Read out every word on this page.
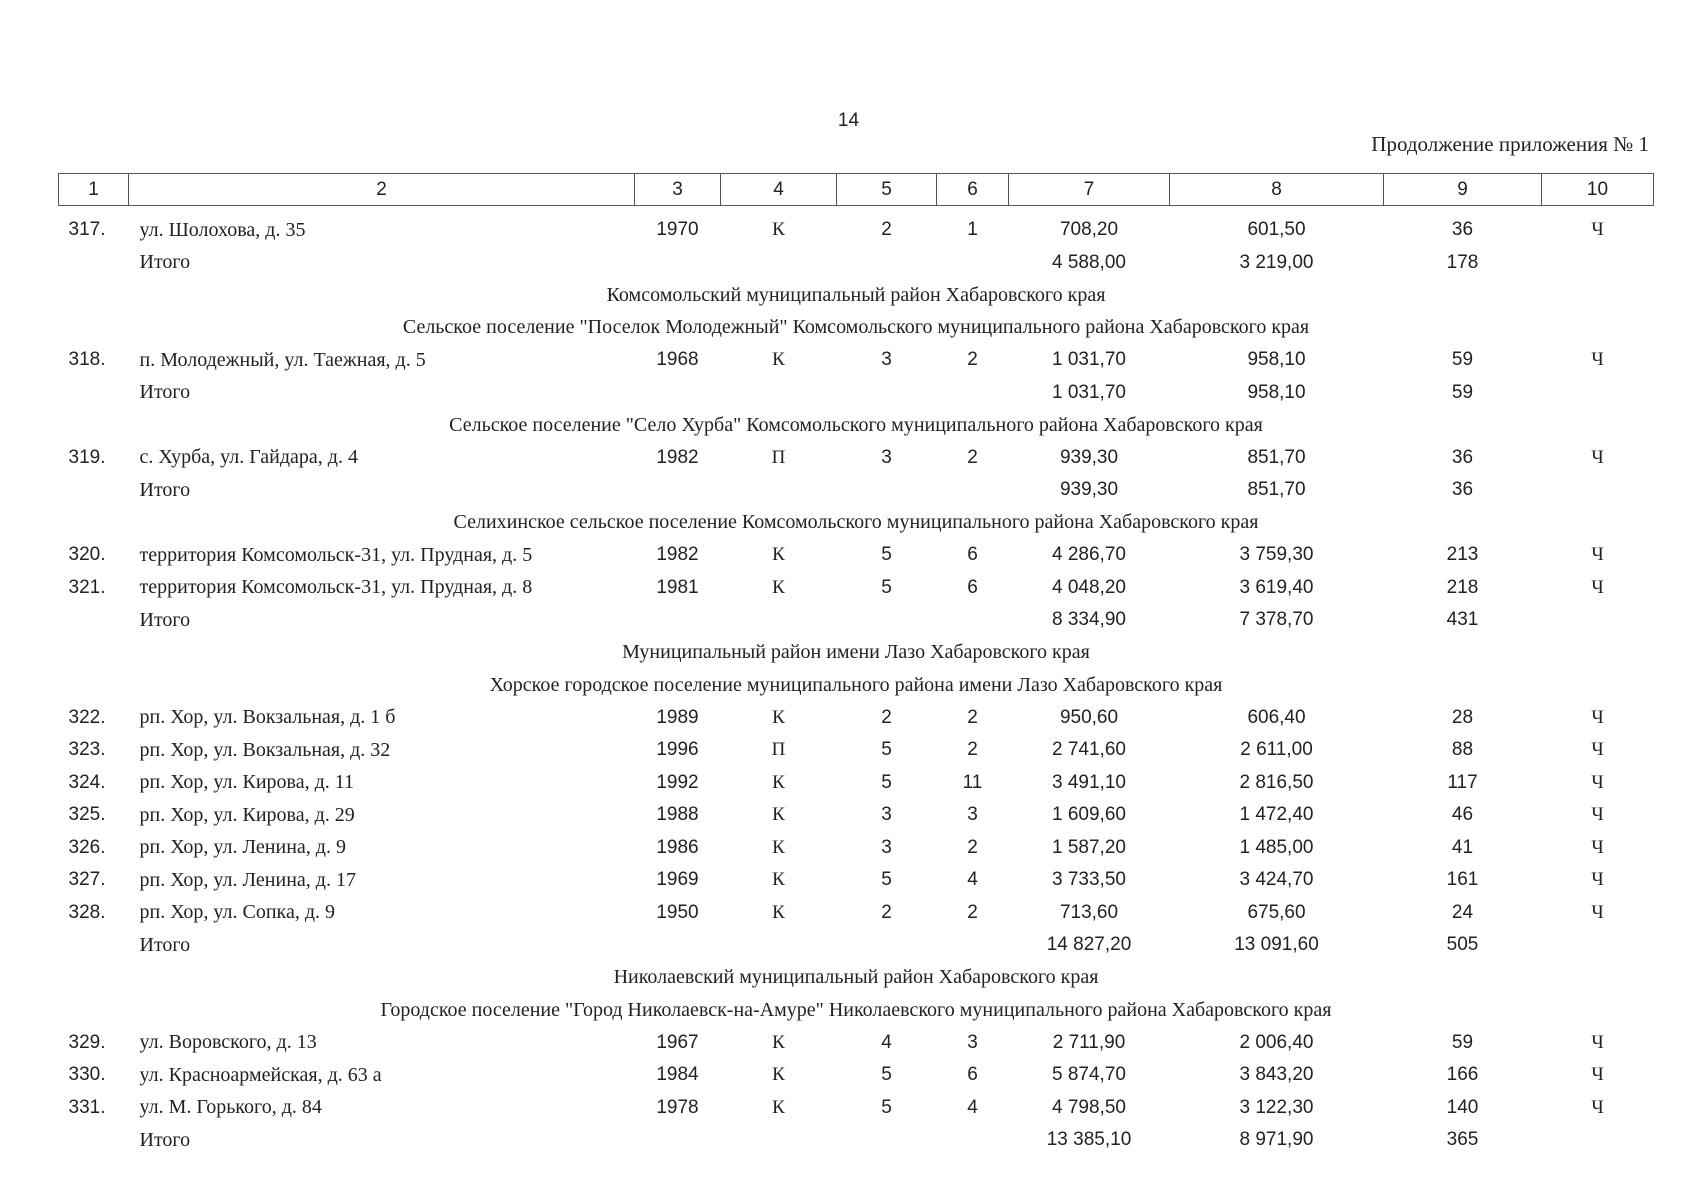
14
Продолжение приложения № 1
1	2	3	4	5	6	7	8	9	10

317.	ул. Шолохова, д. 35	1970	К	2	1	708,20	601,50	36	Ч
	Итого					4 588,00	3 219,00	178	
Комсомольский муниципальный район Хабаровского края									
Сельское поселение "Поселок Молодежный" Комсомольского муниципального района Хабаровского края									
318.	п. Молодежный, ул. Таежная, д. 5	1968	К	3	2	1 031,70	958,10	59	Ч
	Итого					1 031,70	958,10	59	
Сельское поселение "Село Хурба" Комсомольского муниципального района Хабаровского края									
319.	с. Хурба, ул. Гайдара, д. 4	1982	П	3	2	939,30	851,70	36	Ч
	Итого					939,30	851,70	36	
Селихинское сельское поселение Комсомольского муниципального района Хабаровского края									
320.	территория Комсомольск-31, ул. Прудная, д. 5	1982	К	5	6	4 286,70	3 759,30	213	Ч
321.	территория Комсомольск-31, ул. Прудная, д. 8	1981	К	5	6	4 048,20	3 619,40	218	Ч
	Итого					8 334,90	7 378,70	431	
Муниципальный район имени Лазо Хабаровского края									
Хорское городское поселение муниципального района имени Лазо Хабаровского края									
322.	рп. Хор, ул. Вокзальная, д. 1 б	1989	К	2	2	950,60	606,40	28	Ч
323.	рп. Хор, ул. Вокзальная, д. 32	1996	П	5	2	2 741,60	2 611,00	88	Ч
324.	рп. Хор, ул. Кирова, д. 11	1992	К	5	11	3 491,10	2 816,50	117	Ч
325.	рп. Хор, ул. Кирова, д. 29	1988	К	3	3	1 609,60	1 472,40	46	Ч
326.	рп. Хор, ул. Ленина, д. 9	1986	К	3	2	1 587,20	1 485,00	41	Ч
327.	рп. Хор, ул. Ленина, д. 17	1969	К	5	4	3 733,50	3 424,70	161	Ч
328.	рп. Хор, ул. Сопка, д. 9	1950	К	2	2	713,60	675,60	24	Ч
	Итого					14 827,20	13 091,60	505	
Николаевский муниципальный район Хабаровского края									
Городское поселение "Город Николаевск-на-Амуре" Николаевского муниципального района Хабаровского края									
329.	ул. Воровского, д. 13	1967	К	4	3	2 711,90	2 006,40	59	Ч
330.	ул. Красноармейская, д. 63 а	1984	К	5	6	5 874,70	3 843,20	166	Ч
331.	ул. М. Горького, д. 84	1978	К	5	4	4 798,50	3 122,30	140	Ч
	Итого					13 385,10	8 971,90	365	
